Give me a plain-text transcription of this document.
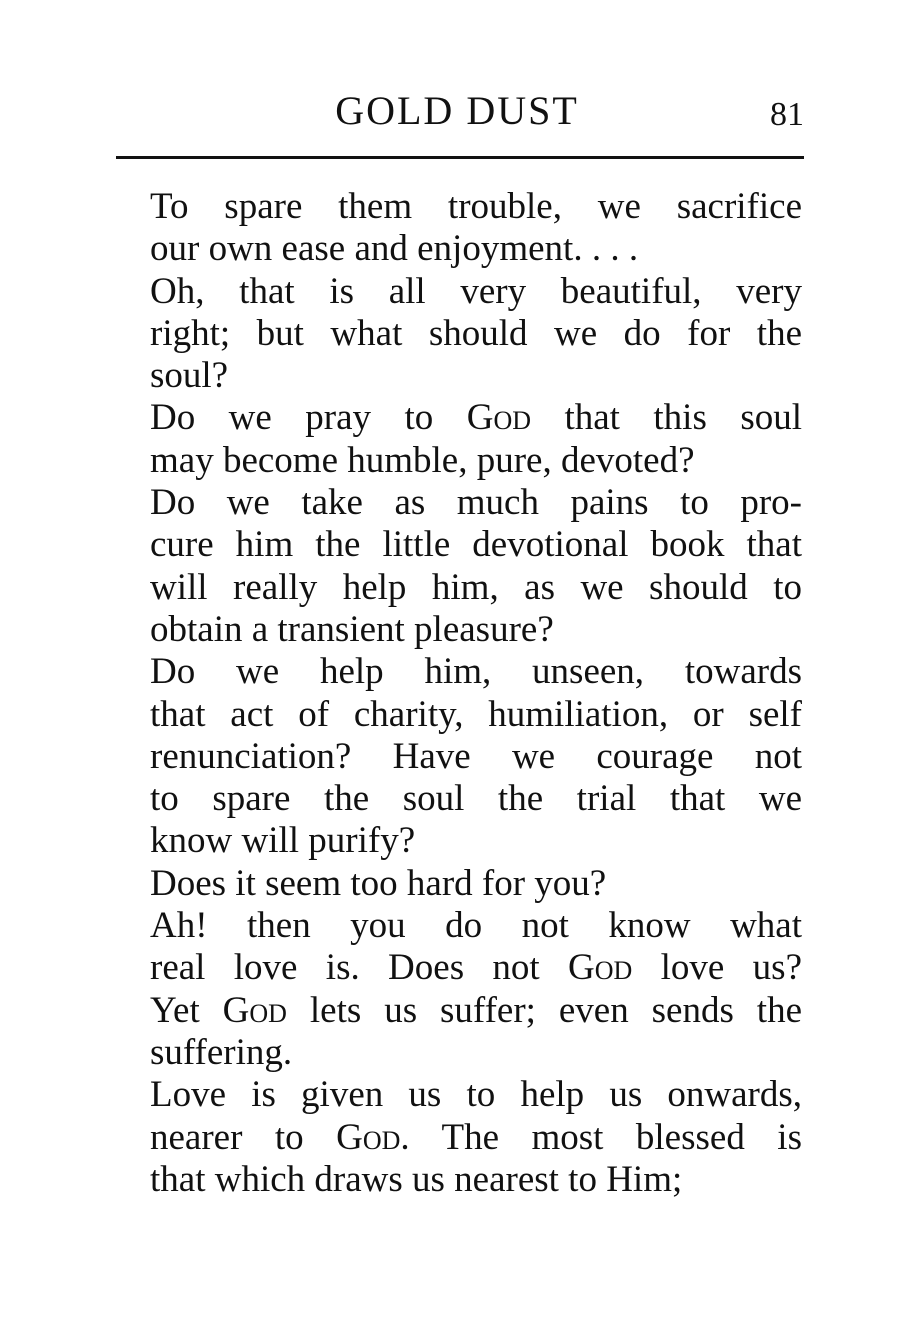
GOLD DUST	81

To spare them trouble, we sacrifice
our own ease and enjoyment. . . .

Oh, that is all very beautiful, very
right; but what should we do for the
soul?

Do we pray to God that this soul
may become humble, pure, devoted?

Do we take as much pains to pro-
cure him the little devotional book that
will really help him, as we should to
obtain a transient pleasure?

Do we help him, unseen, towards
that act of charity, humiliation, or self
renunciation? Have we courage not
to spare the soul the trial that we
know will purify?

Does it seem too hard for you?

Ah! then you do not know what
real love is. Does not God love us?
Yet God lets us suffer; even sends the
suffering.

Love is given us to help us onwards,
nearer to God. The most blessed is
that which draws us nearest to Him;
